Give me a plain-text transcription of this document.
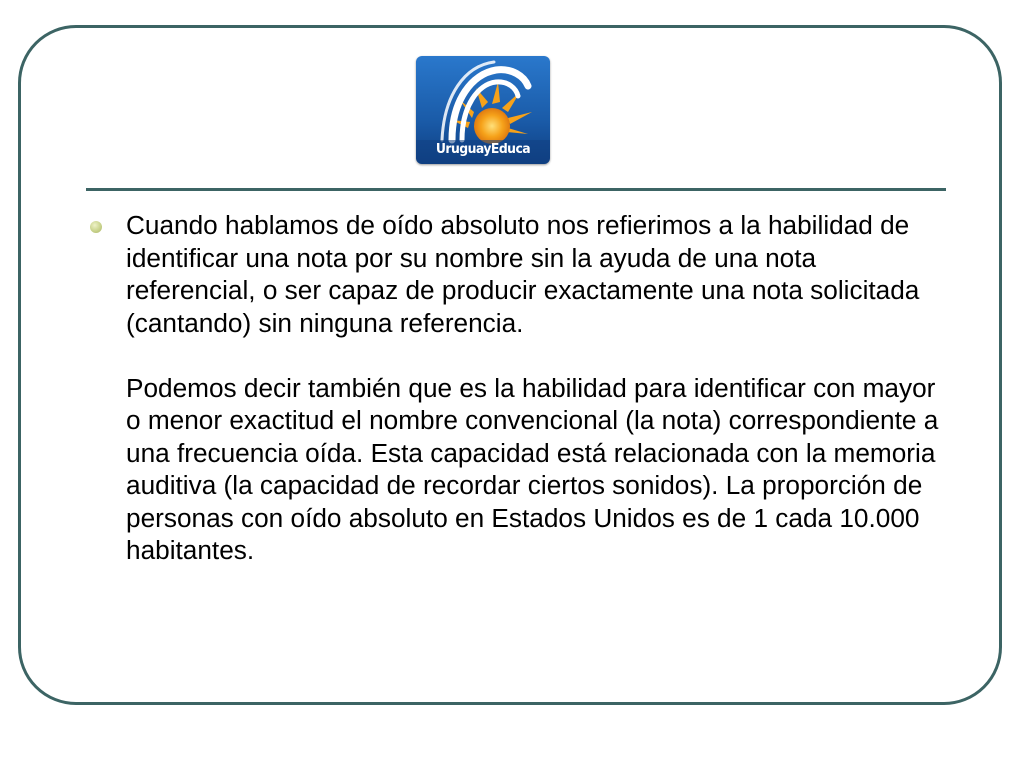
UruguayEduca

Cuando hablamos de oído absoluto nos refierimos a la habilidad de identificar una nota por su nombre sin la ayuda de una nota referencial, o ser capaz de producir exactamente una nota solicitada (cantando) sin ninguna referencia.

Podemos decir también que es la habilidad para identificar con mayor o menor exactitud el nombre convencional (la nota) correspondiente a una frecuencia oída. Esta capacidad está relacionada con la memoria auditiva (la capacidad de recordar ciertos sonidos). La proporción de personas con oído absoluto en Estados Unidos es de 1 cada 10.000 habitantes.
